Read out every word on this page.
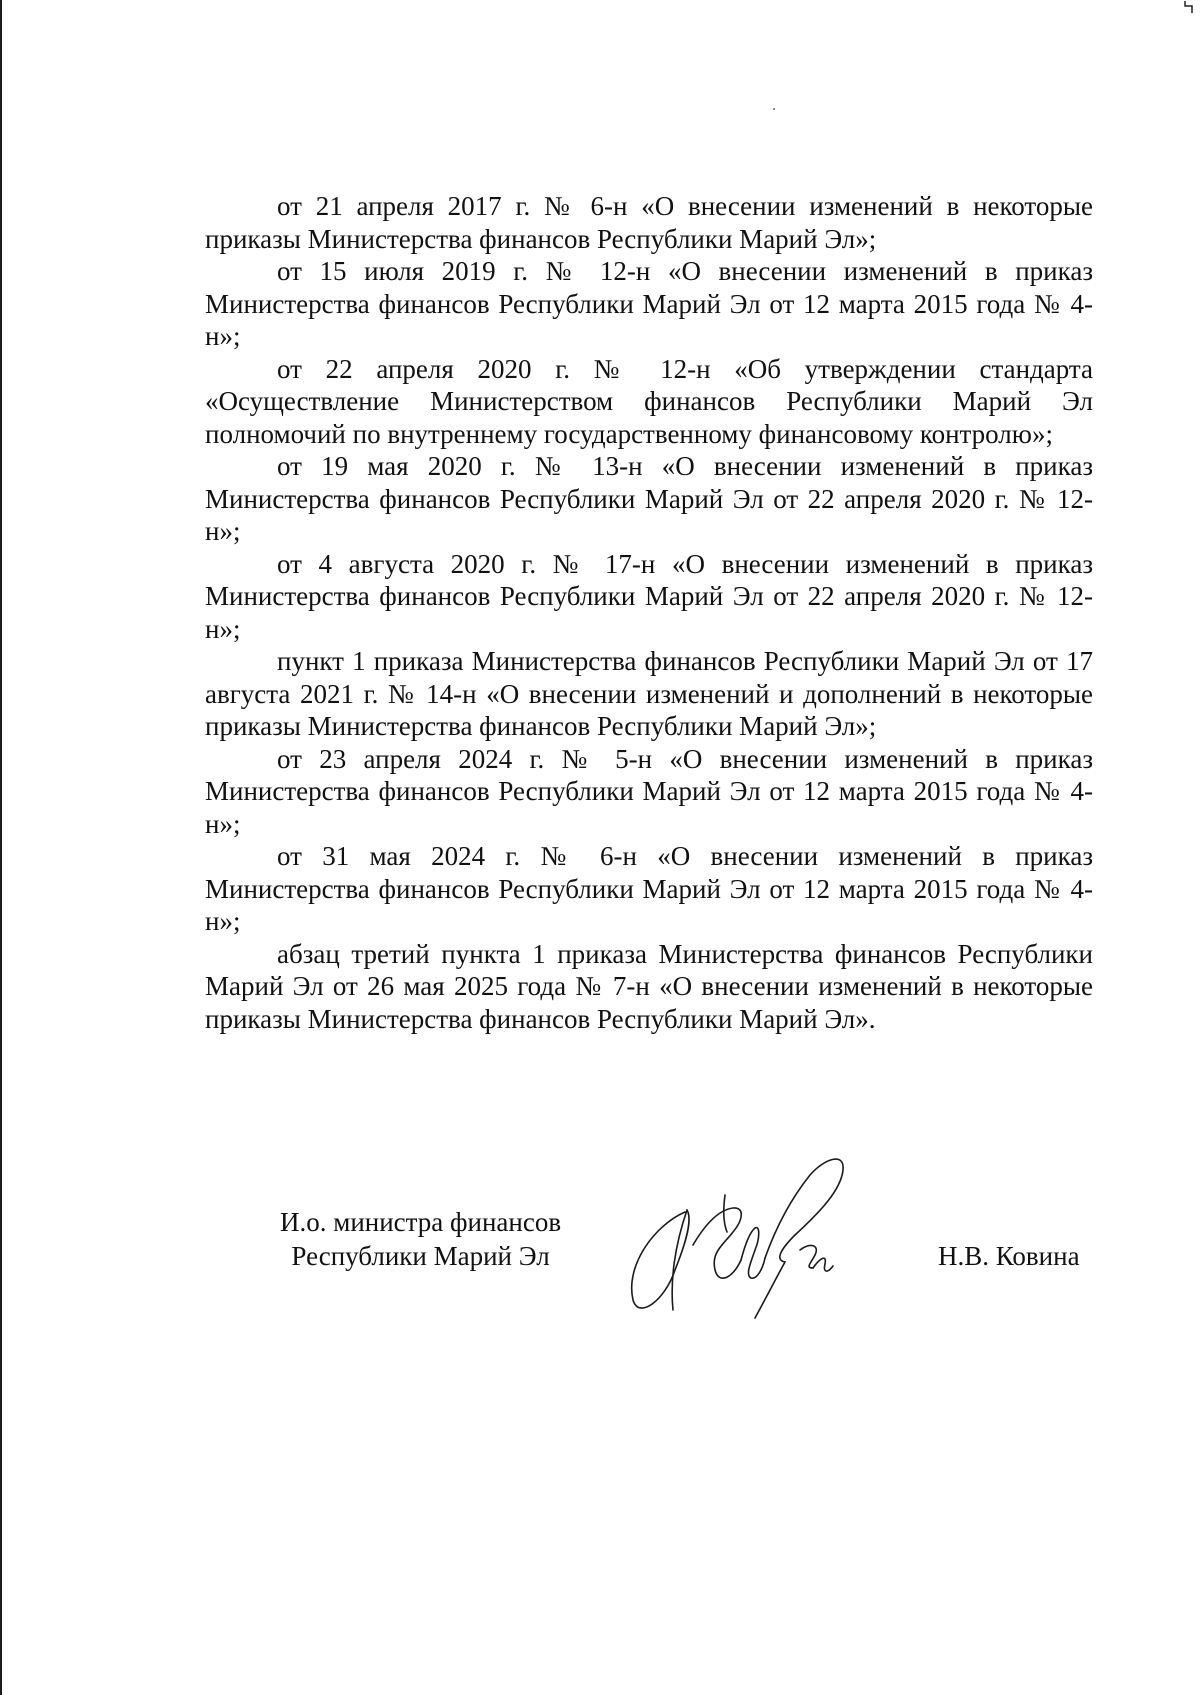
от 21 апреля 2017 г. № 6-н «О внесении изменений в некоторые приказы Министерства финансов Республики Марий Эл»;

от 15 июля 2019 г. № 12-н «О внесении изменений в приказ Министерства финансов Республики Марий Эл от 12 марта 2015 года № 4-н»;

от 22 апреля 2020 г. № 12-н «Об утверждении стандарта «Осуществление Министерством финансов Республики Марий Эл полномочий по внутреннему государственному финансовому контролю»;

от 19 мая 2020 г. № 13-н «О внесении изменений в приказ Министерства финансов Республики Марий Эл от 22 апреля 2020 г. № 12-н»;

от 4 августа 2020 г. № 17-н «О внесении изменений в приказ Министерства финансов Республики Марий Эл от 22 апреля 2020 г. № 12-н»;

пункт 1 приказа Министерства финансов Республики Марий Эл от 17 августа 2021 г. № 14-н «О внесении изменений и дополнений в некоторые приказы Министерства финансов Республики Марий Эл»;

от 23 апреля 2024 г. № 5-н «О внесении изменений в приказ Министерства финансов Республики Марий Эл от 12 марта 2015 года № 4-н»;

от 31 мая 2024 г. № 6-н «О внесении изменений в приказ Министерства финансов Республики Марий Эл от 12 марта 2015 года № 4-н»;

абзац третий пункта 1 приказа Министерства финансов Республики Марий Эл от 26 мая 2025 года № 7-н «О внесении изменений в некоторые приказы Министерства финансов Республики Марий Эл».

И.о. министра финансов
Республики Марий Эл	Н.В. Ковина
